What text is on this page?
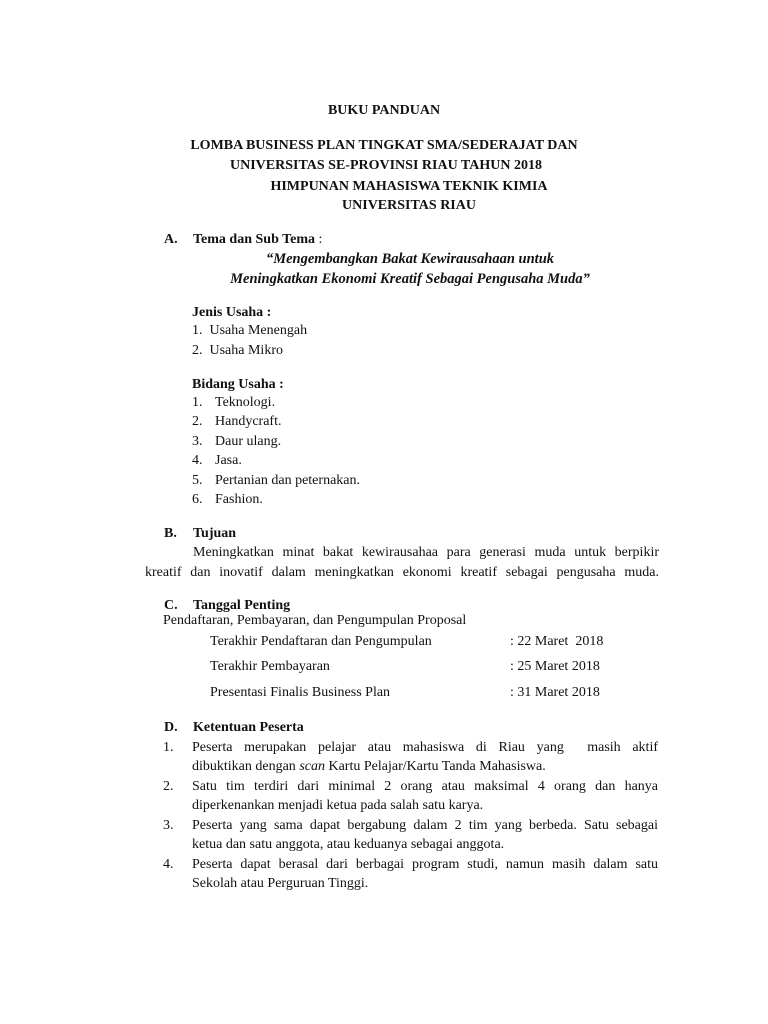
BUKU PANDUAN
LOMBA BUSINESS PLAN TINGKAT SMA/SEDERAJAT DAN
UNIVERSITAS SE-PROVINSI RIAU TAHUN 2018
HIMPUNAN MAHASISWA TEKNIK KIMIA
UNIVERSITAS RIAU
A. Tema dan Sub Tema :
“Mengembangkan Bakat Kewirausahaan untuk
Meningkatkan Ekonomi Kreatif Sebagai Pengusaha Muda”
Jenis Usaha :
1.  Usaha Menengah
2.  Usaha Mikro
Bidang Usaha :
1. Teknologi.
2. Handycraft.
3. Daur ulang.
4. Jasa.
5. Pertanian dan peternakan.
6. Fashion.
B. Tujuan
Meningkatkan minat bakat kewirausahaa para generasi muda untuk berpikir
kreatif dan inovatif dalam meningkatkan ekonomi kreatif sebagai pengusaha muda.
C. Tanggal Penting
Pendaftaran, Pembayaran, dan Pengumpulan Proposal
Terakhir Pendaftaran dan Pengumpulan	: 22 Maret  2018
Terakhir Pembayaran	: 25 Maret 2018
Presentasi Finalis Business Plan	: 31 Maret 2018
D. Ketentuan Peserta
1. Peserta merupakan pelajar atau mahasiswa di Riau yang  masih aktif
dibuktikan dengan scan Kartu Pelajar/Kartu Tanda Mahasiswa.
2. Satu tim terdiri dari minimal 2 orang atau maksimal 4 orang dan hanya
diperkenankan menjadi ketua pada salah satu karya.
3. Peserta yang sama dapat bergabung dalam 2 tim yang berbeda. Satu sebagai
ketua dan satu anggota, atau keduanya sebagai anggota.
4. Peserta dapat berasal dari berbagai program studi, namun masih dalam satu
Sekolah atau Perguruan Tinggi.
